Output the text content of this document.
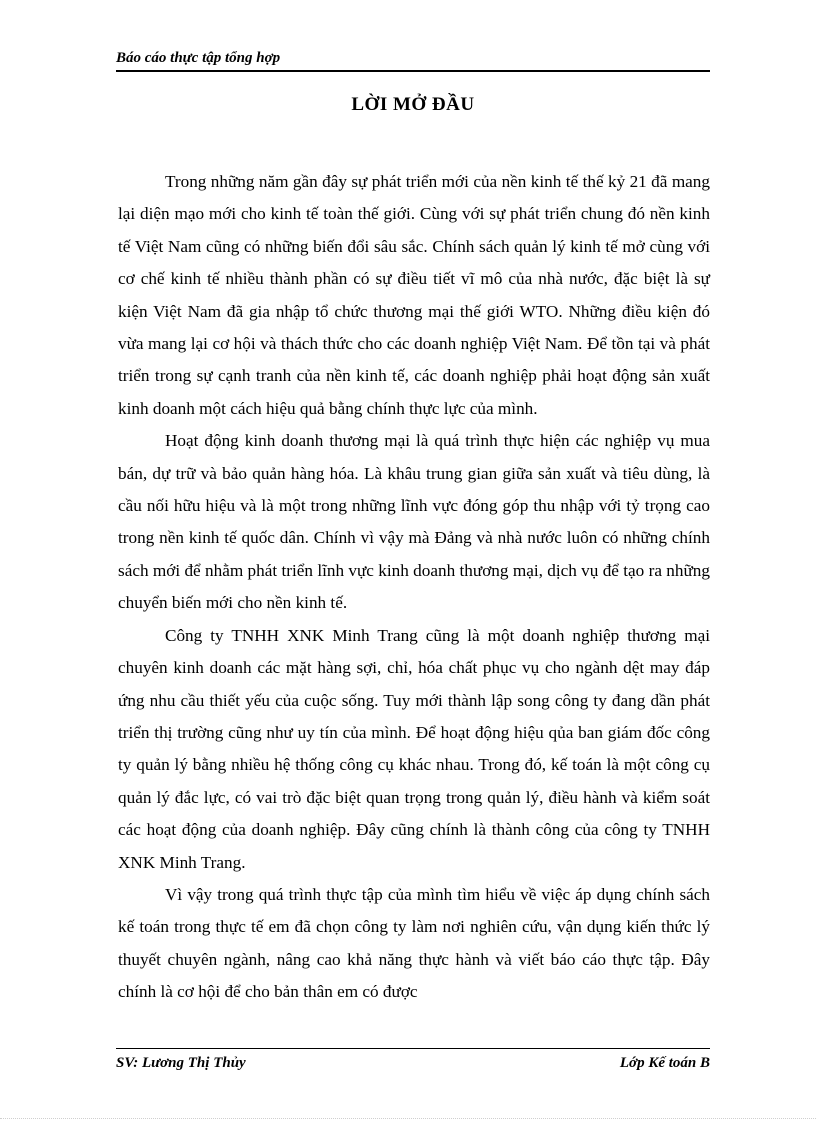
Báo cáo thực tập tổng hợp
LỜI MỞ ĐẦU

Trong những năm gần đây sự phát triển mới của nền kinh tế thế kỷ 21 đã mang lại diện mạo mới cho kinh tế toàn thế giới. Cùng với sự phát triển chung đó nền kinh tế Việt Nam cũng có những biến đổi sâu sắc. Chính sách quản lý kinh tế mở cùng với cơ chế kinh tế nhiều thành phần có sự điều tiết vĩ mô của nhà nước, đặc biệt là sự kiện Việt Nam đã gia nhập tổ chức thương mại thế giới WTO. Những điều kiện đó vừa mang lại cơ hội và thách thức cho các doanh nghiệp Việt Nam. Để tồn tại và phát triển trong sự cạnh tranh của nền kinh tế, các doanh nghiệp phải hoạt động sản xuất kinh doanh một cách hiệu quả bằng chính thực lực của mình.

Hoạt động kinh doanh thương mại là quá trình thực hiện các nghiệp vụ mua bán, dự trữ và bảo quản hàng hóa. Là khâu trung gian giữa sản xuất và tiêu dùng, là cầu nối hữu hiệu và là một trong những lĩnh vực đóng góp thu nhập với tỷ trọng cao trong nền kinh tế quốc dân. Chính vì vậy mà Đảng và nhà nước luôn có những chính sách mới để nhằm phát triển lĩnh vực kinh doanh thương mại, dịch vụ để tạo ra những chuyển biến mới cho nền kinh tế.

Công ty TNHH XNK Minh Trang cũng là một doanh nghiệp thương mại chuyên kinh doanh các mặt hàng sợi, chỉ, hóa chất phục vụ cho ngành dệt may đáp ứng nhu cầu thiết yếu của cuộc sống. Tuy mới thành lập song công ty đang dần phát triển thị trường cũng như uy tín của mình. Để hoạt động hiệu qủa ban giám đốc công ty quản lý bằng nhiều hệ thống công cụ khác nhau. Trong đó, kế toán là một công cụ quản lý đắc lực, có vai trò đặc biệt quan trọng trong quản lý, điều hành và kiểm soát các hoạt động của doanh nghiệp. Đây cũng chính là thành công của công ty TNHH XNK Minh Trang.

Vì vậy trong quá trình thực tập của mình tìm hiểu về việc áp dụng chính sách kế toán trong thực tế em đã chọn công ty làm nơi nghiên cứu, vận dụng kiến thức lý thuyết chuyên ngành, nâng cao khả năng thực hành và viết báo cáo thực tập. Đây chính là cơ hội để cho bản thân em có được

SV: Lương Thị Thủy	Lớp Kế toán B
